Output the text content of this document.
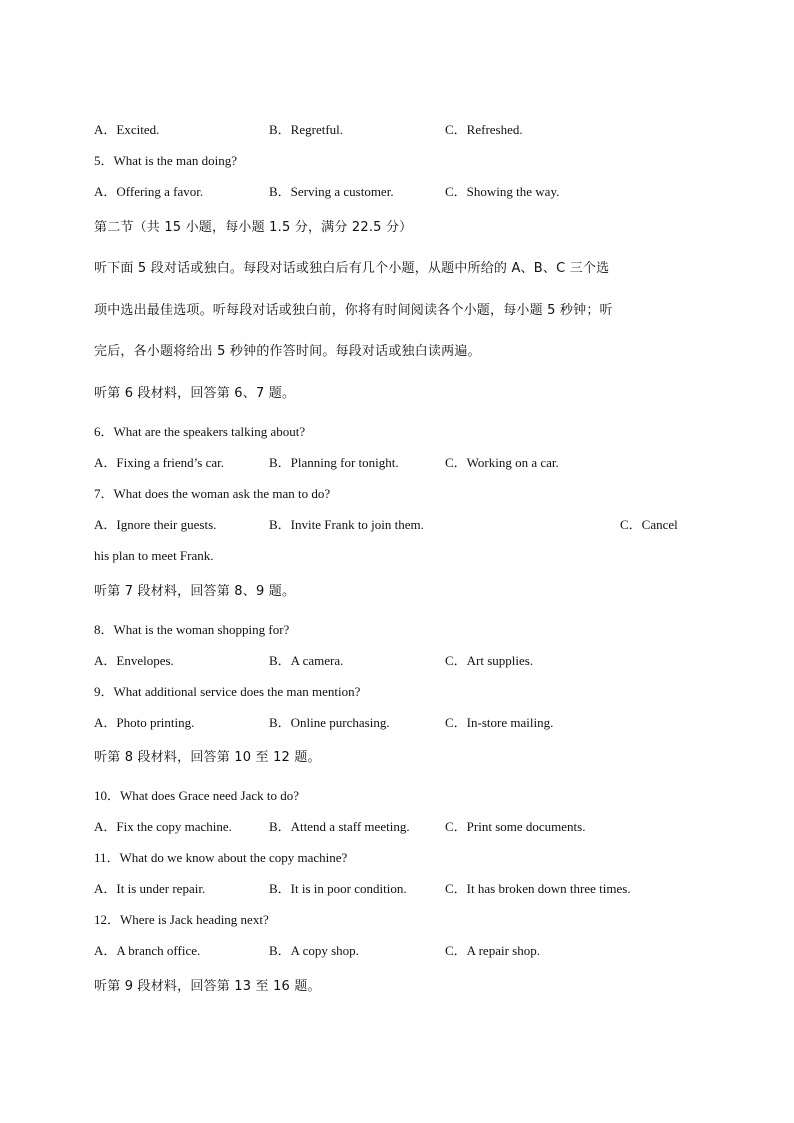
A．Excited.	B．Regretful.	C．Refreshed.
5．What is the man doing?
A．Offering a favor.	B．Serving a customer.	C．Showing the way.
第二节（共 15 小题，每小题 1.5 分，满分 22.5 分）
听下面 5 段对话或独白。每段对话或独白后有几个小题，从题中所给的 A、B、C 三个选
项中选出最佳选项。听每段对话或独白前，你将有时间阅读各个小题，每小题 5 秒钟；听
完后，各小题将给出 5 秒钟的作答时间。每段对话或独白读两遍。
听第 6 段材料，回答第 6、7 题。
6．What are the speakers talking about?
A．Fixing a friend’s car.	B．Planning for tonight.	C．Working on a car.
7．What does the woman ask the man to do?
A．Ignore their guests.	B．Invite Frank to join them.	C．Cancel
his plan to meet Frank.
听第 7 段材料，回答第 8、9 题。
8．What is the woman shopping for?
A．Envelopes.	B．A camera.	C．Art supplies.
9．What additional service does the man mention?
A．Photo printing.	B．Online purchasing.	C．In-store mailing.
听第 8 段材料，回答第 10 至 12 题。
10．What does Grace need Jack to do?
A．Fix the copy machine.	B．Attend a staff meeting.	C．Print some documents.
11．What do we know about the copy machine?
A．It is under repair.	B．It is in poor condition.	C．It has broken down three times.
12．Where is Jack heading next?
A．A branch office.	B．A copy shop.	C．A repair shop.
听第 9 段材料，回答第 13 至 16 题。
